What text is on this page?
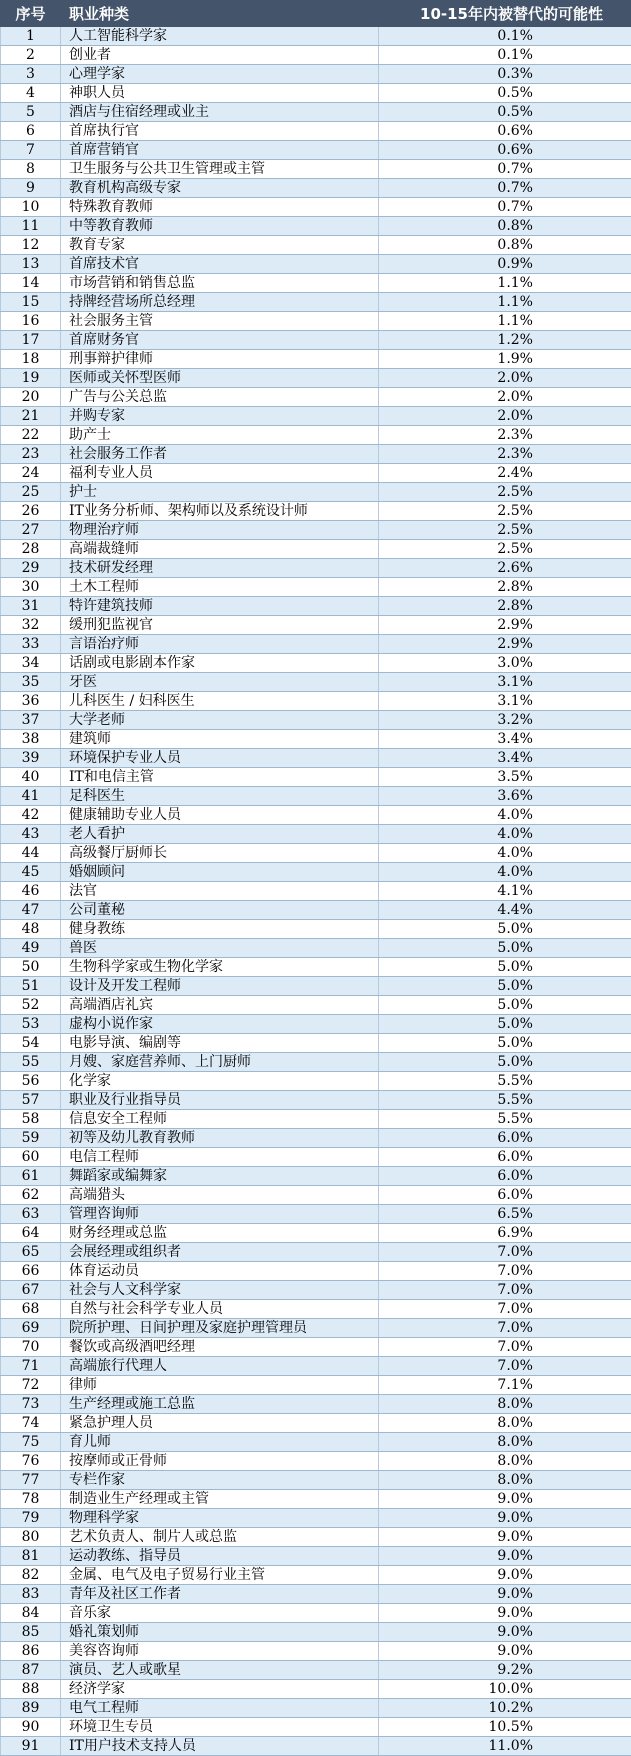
序号	职业种类	10-15年内被替代的可能性
1	人工智能科学家	0.1%
2	创业者	0.1%
3	心理学家	0.3%
4	神职人员	0.5%
5	酒店与住宿经理或业主	0.5%
6	首席执行官	0.6%
7	首席营销官	0.6%
8	卫生服务与公共卫生管理或主管	0.7%
9	教育机构高级专家	0.7%
10	特殊教育教师	0.7%
11	中等教育教师	0.8%
12	教育专家	0.8%
13	首席技术官	0.9%
14	市场营销和销售总监	1.1%
15	持牌经营场所总经理	1.1%
16	社会服务主管	1.1%
17	首席财务官	1.2%
18	刑事辩护律师	1.9%
19	医师或关怀型医师	2.0%
20	广告与公关总监	2.0%
21	并购专家	2.0%
22	助产士	2.3%
23	社会服务工作者	2.3%
24	福利专业人员	2.4%
25	护士	2.5%
26	IT业务分析师、架构师以及系统设计师	2.5%
27	物理治疗师	2.5%
28	高端裁缝师	2.5%
29	技术研发经理	2.6%
30	土木工程师	2.8%
31	特许建筑技师	2.8%
32	缓刑犯监视官	2.9%
33	言语治疗师	2.9%
34	话剧或电影剧本作家	3.0%
35	牙医	3.1%
36	儿科医生 / 妇科医生	3.1%
37	大学老师	3.2%
38	建筑师	3.4%
39	环境保护专业人员	3.4%
40	IT和电信主管	3.5%
41	足科医生	3.6%
42	健康辅助专业人员	4.0%
43	老人看护	4.0%
44	高级餐厅厨师长	4.0%
45	婚姻顾问	4.0%
46	法官	4.1%
47	公司董秘	4.4%
48	健身教练	5.0%
49	兽医	5.0%
50	生物科学家或生物化学家	5.0%
51	设计及开发工程师	5.0%
52	高端酒店礼宾	5.0%
53	虚构小说作家	5.0%
54	电影导演、编剧等	5.0%
55	月嫂、家庭营养师、上门厨师	5.0%
56	化学家	5.5%
57	职业及行业指导员	5.5%
58	信息安全工程师	5.5%
59	初等及幼儿教育教师	6.0%
60	电信工程师	6.0%
61	舞蹈家或编舞家	6.0%
62	高端猎头	6.0%
63	管理咨询师	6.5%
64	财务经理或总监	6.9%
65	会展经理或组织者	7.0%
66	体育运动员	7.0%
67	社会与人文科学家	7.0%
68	自然与社会科学专业人员	7.0%
69	院所护理、日间护理及家庭护理管理员	7.0%
70	餐饮或高级酒吧经理	7.0%
71	高端旅行代理人	7.0%
72	律师	7.1%
73	生产经理或施工总监	8.0%
74	紧急护理人员	8.0%
75	育儿师	8.0%
76	按摩师或正骨师	8.0%
77	专栏作家	8.0%
78	制造业生产经理或主管	9.0%
79	物理科学家	9.0%
80	艺术负责人、制片人或总监	9.0%
81	运动教练、指导员	9.0%
82	金属、电气及电子贸易行业主管	9.0%
83	青年及社区工作者	9.0%
84	音乐家	9.0%
85	婚礼策划师	9.0%
86	美容咨询师	9.0%
87	演员、艺人或歌星	9.2%
88	经济学家	10.0%
89	电气工程师	10.2%
90	环境卫生专员	10.5%
91	IT用户技术支持人员	11.0%
